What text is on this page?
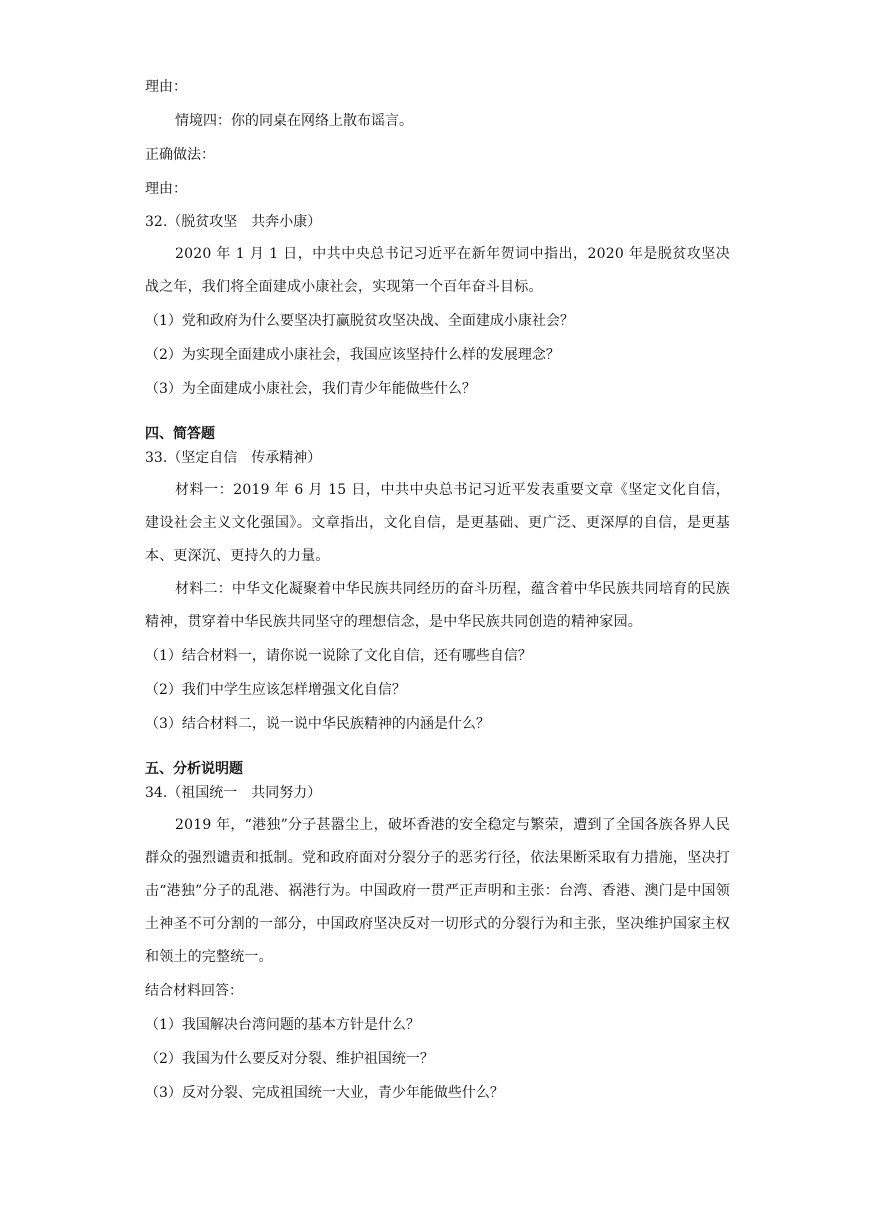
理由：
情境四：你的同桌在网络上散布谣言。
正确做法：
理由：
32.（脱贫攻坚　共奔小康）
2020 年 1 月 1 日，中共中央总书记习近平在新年贺词中指出，2020 年是脱贫攻坚决战之年，我们将全面建成小康社会，实现第一个百年奋斗目标。
（1）党和政府为什么要坚决打赢脱贫攻坚决战、全面建成小康社会？
（2）为实现全面建成小康社会，我国应该坚持什么样的发展理念？
（3）为全面建成小康社会，我们青少年能做些什么？
四、简答题
33.（坚定自信　传承精神）
材料一：2019 年 6 月 15 日，中共中央总书记习近平发表重要文章《坚定文化自信，建设社会主义文化强国》。文章指出，文化自信，是更基础、更广泛、更深厚的自信，是更基本、更深沉、更持久的力量。
材料二：中华文化凝聚着中华民族共同经历的奋斗历程，蕴含着中华民族共同培育的民族精神，贯穿着中华民族共同坚守的理想信念，是中华民族共同创造的精神家园。
（1）结合材料一，请你说一说除了文化自信，还有哪些自信？
（2）我们中学生应该怎样增强文化自信？
（3）结合材料二，说一说中华民族精神的内涵是什么？
五、分析说明题
34.（祖国统一　共同努力）
2019 年，“港独”分子甚嚣尘上，破坏香港的安全稳定与繁荣，遭到了全国各族各界人民群众的强烈谴责和抵制。党和政府面对分裂分子的恶劣行径，依法果断采取有力措施，坚决打击“港独”分子的乱港、祸港行为。中国政府一贯严正声明和主张：台湾、香港、澳门是中国领土神圣不可分割的一部分，中国政府坚决反对一切形式的分裂行为和主张，坚决维护国家主权和领土的完整统一。
结合材料回答：
（1）我国解决台湾问题的基本方针是什么？
（2）我国为什么要反对分裂、维护祖国统一？
（3）反对分裂、完成祖国统一大业，青少年能做些什么？
